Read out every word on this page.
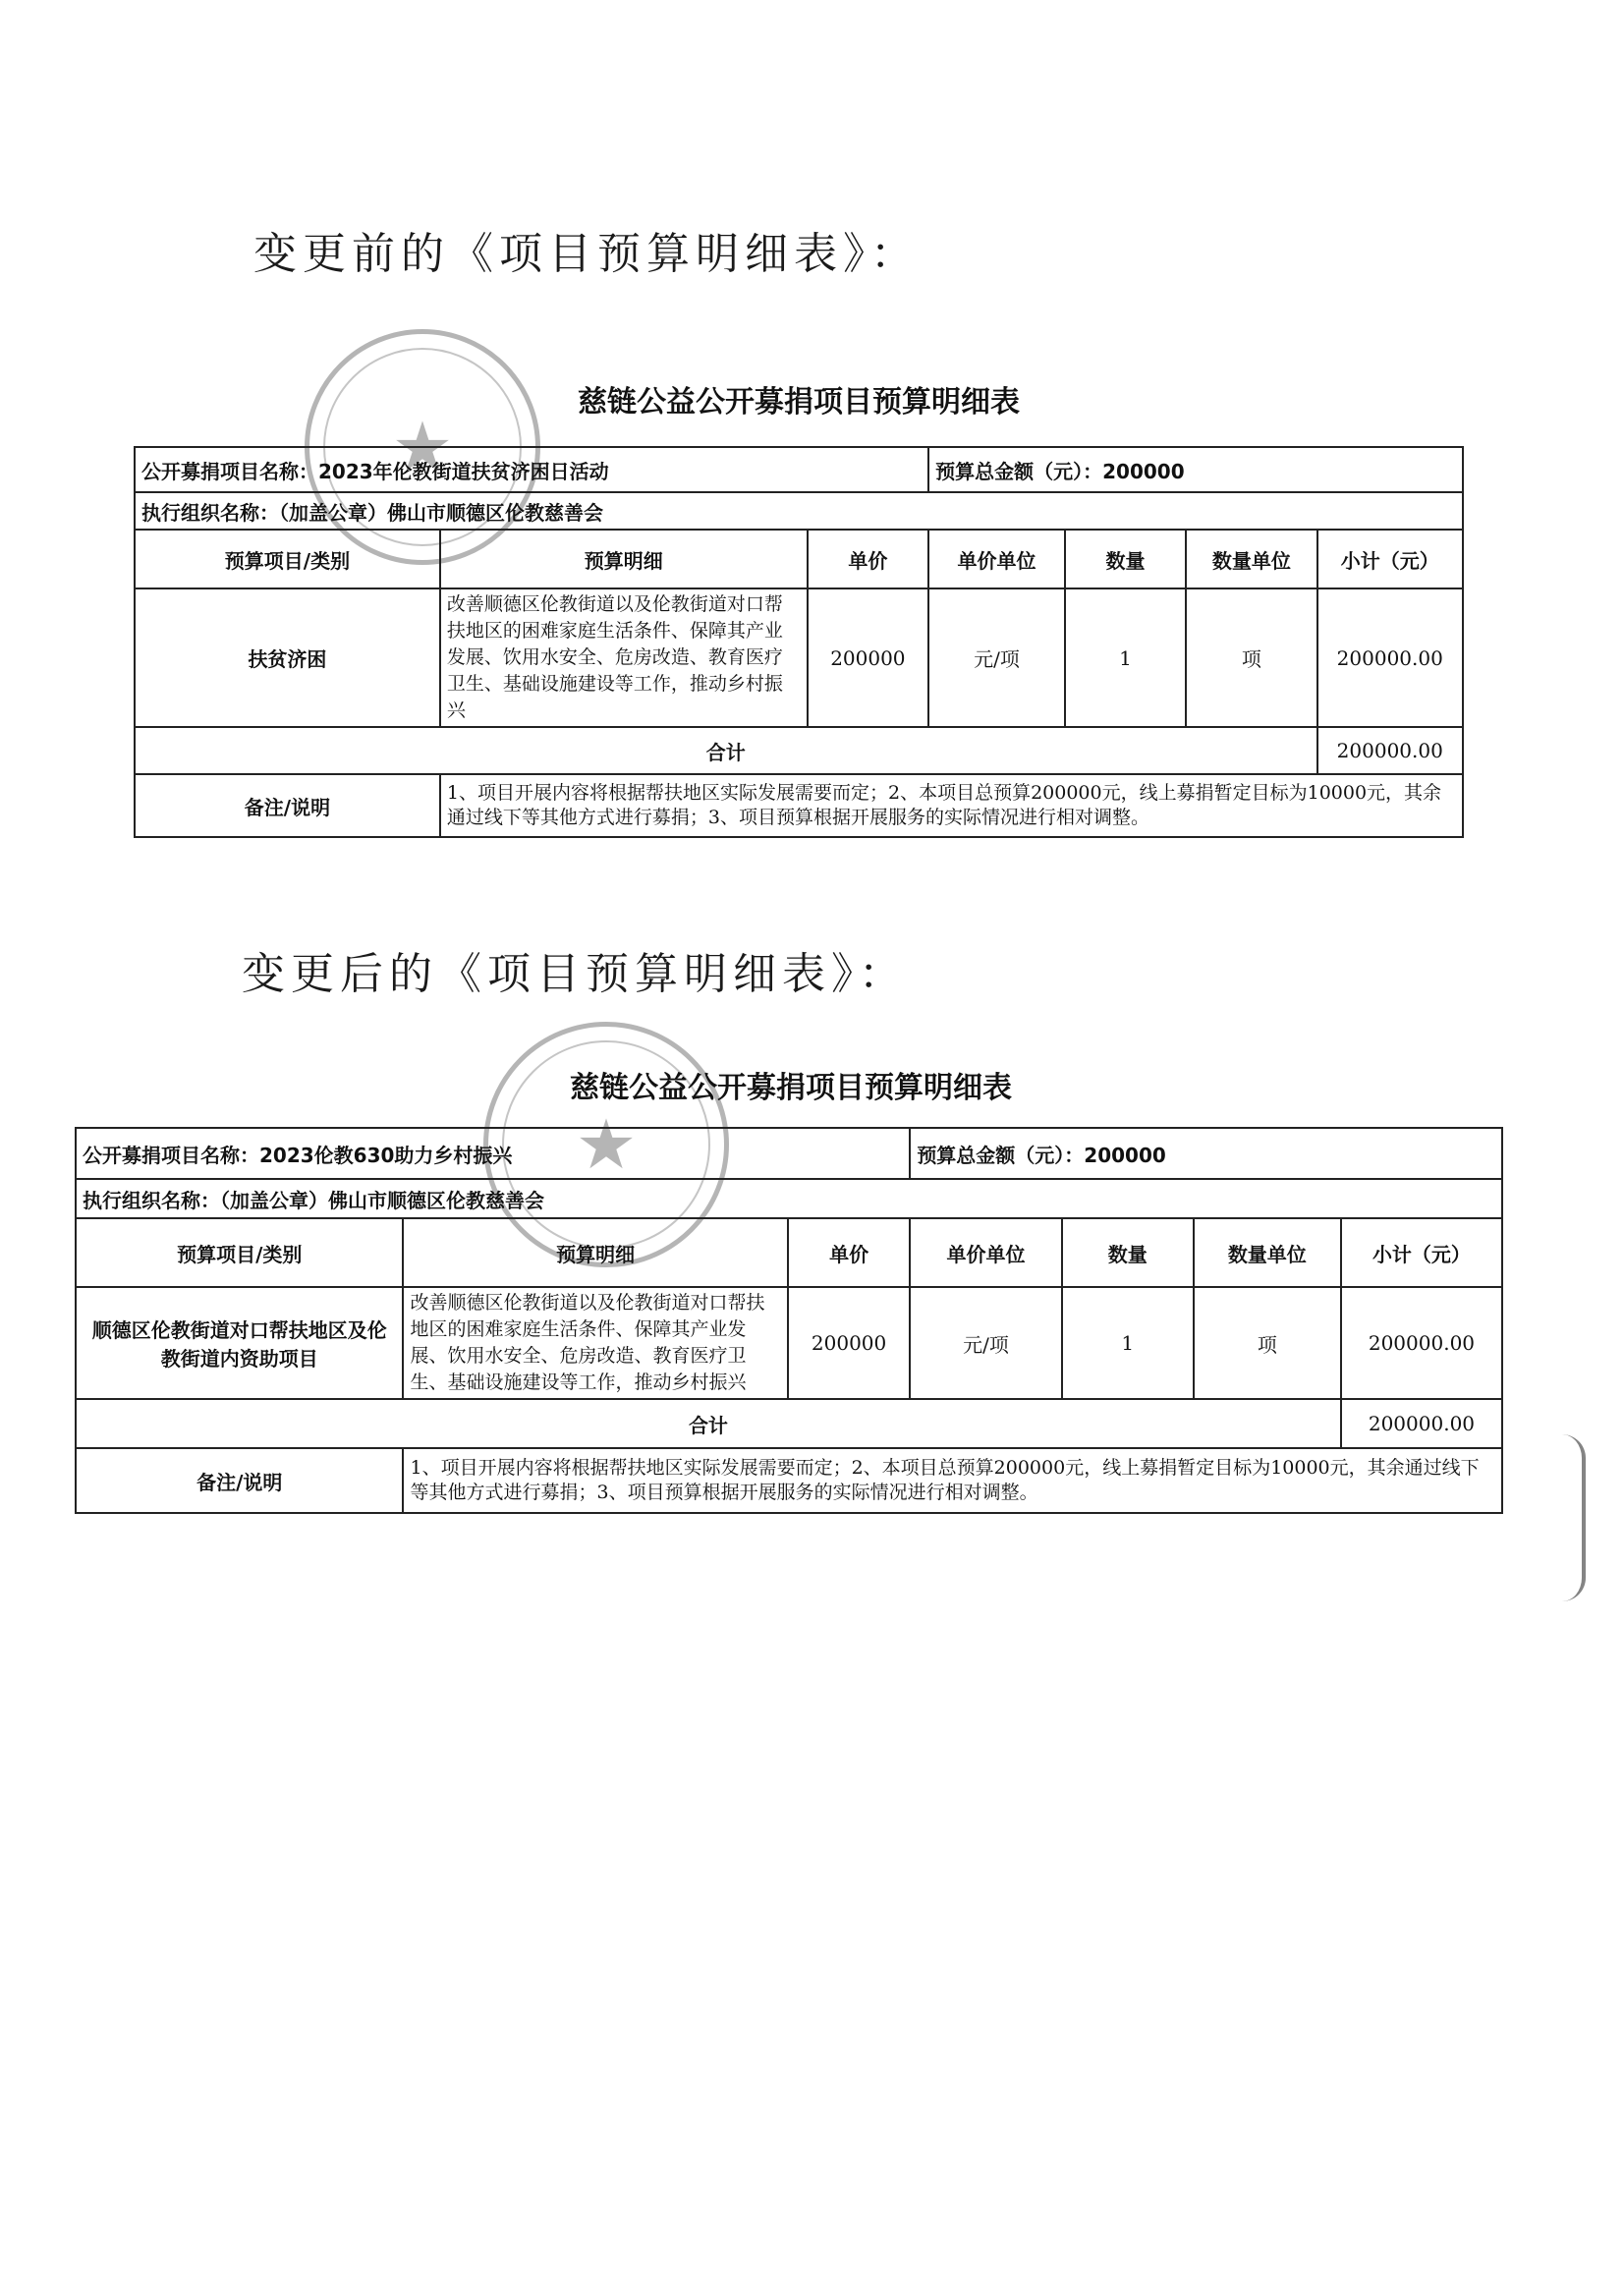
变更前的《项目预算明细表》：
★
慈链公益公开募捐项目预算明细表
公开募捐项目名称：2023年伦教街道扶贫济困日活动			预算总金额（元）：200000			
执行组织名称：（加盖公章）佛山市顺德区伦教慈善会						
预算项目/类别	预算明细	单价	单价单位	数量	数量单位	小计（元）
扶贫济困	改善顺德区伦教街道以及伦教街道对口帮扶地区的困难家庭生活条件、保障其产业发展、饮用水安全、危房改造、教育医疗卫生、基础设施建设等工作，推动乡村振兴	200000	元/项	1	项	200000.00
合计						200000.00
备注/说明	1、项目开展内容将根据帮扶地区实际发展需要而定；2、本项目总预算200000元，线上募捐暂定目标为10000元，其余通过线下等其他方式进行募捐；3、项目预算根据开展服务的实际情况进行相对调整。					
变更后的《项目预算明细表》：
★
慈链公益公开募捐项目预算明细表
公开募捐项目名称：2023伦教630助力乡村振兴			预算总金额（元）：200000			
执行组织名称：（加盖公章）佛山市顺德区伦教慈善会						
预算项目/类别	预算明细	单价	单价单位	数量	数量单位	小计（元）
顺德区伦教街道对口帮扶地区及伦教街道内资助项目	改善顺德区伦教街道以及伦教街道对口帮扶地区的困难家庭生活条件、保障其产业发展、饮用水安全、危房改造、教育医疗卫生、基础设施建设等工作，推动乡村振兴	200000	元/项	1	项	200000.00
合计						200000.00
备注/说明	1、项目开展内容将根据帮扶地区实际发展需要而定；2、本项目总预算200000元，线上募捐暂定目标为10000元，其余通过线下等其他方式进行募捐；3、项目预算根据开展服务的实际情况进行相对调整。					
